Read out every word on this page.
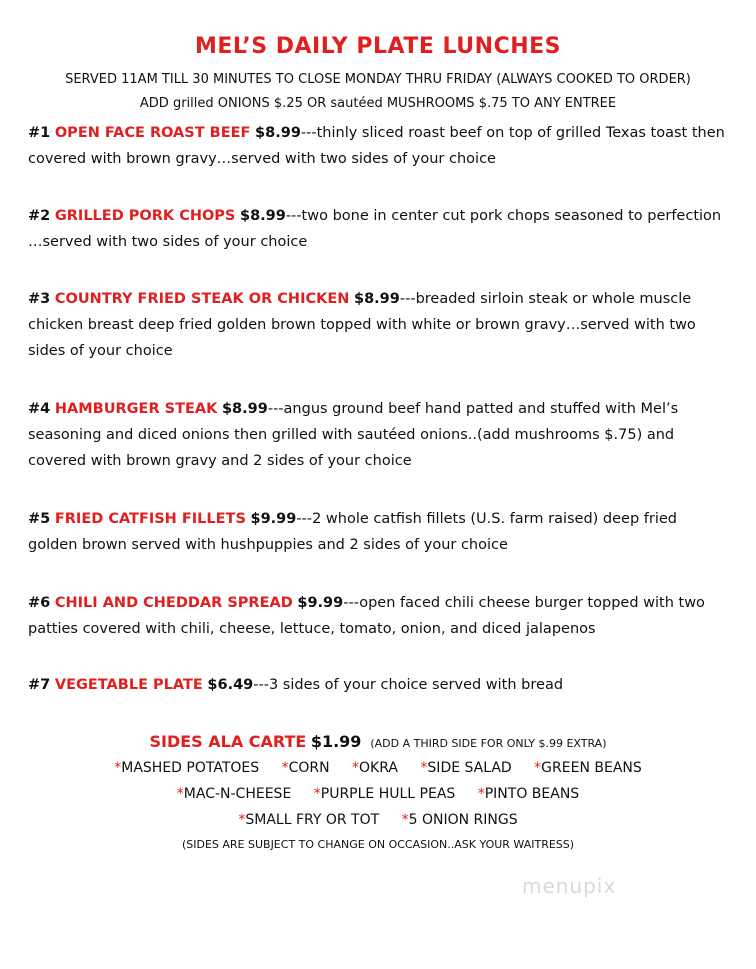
MEL’S DAILY PLATE LUNCHES
SERVED 11AM TILL 30 MINUTES TO CLOSE MONDAY THRU FRIDAY (ALWAYS COOKED TO ORDER)
ADD grilled ONIONS $.25 OR sautéed MUSHROOMS $.75 TO ANY ENTREE
#1 OPEN FACE ROAST BEEF $8.99---thinly sliced roast beef on top of grilled Texas toast then covered with brown gravy…served with two sides of your choice
#2 GRILLED PORK CHOPS $8.99---two bone in center cut pork chops seasoned to perfection …served with two sides of your choice
#3 COUNTRY FRIED STEAK OR CHICKEN $8.99---breaded sirloin steak or whole muscle chicken breast deep fried golden brown topped with white or brown gravy…served with two sides of your choice
#4 HAMBURGER STEAK $8.99---angus ground beef hand patted and stuffed with Mel’s seasoning and diced onions then grilled with sautéed onions..(add mushrooms $.75) and covered with brown gravy and 2 sides of your choice
#5 FRIED CATFISH FILLETS $9.99---2 whole catfish fillets (U.S. farm raised) deep fried golden brown served with hushpuppies and 2 sides of your choice
#6 CHILI AND CHEDDAR SPREAD $9.99---open faced chili cheese burger topped with two patties covered with chili, cheese, lettuce, tomato, onion, and diced jalapenos
#7 VEGETABLE PLATE $6.49---3 sides of your choice served with bread
SIDES ALA CARTE $1.99 (ADD A THIRD SIDE FOR ONLY $.99 EXTRA)
*MASHED POTATOES *CORN *OKRA *SIDE SALAD *GREEN BEANS
*MAC-N-CHEESE *PURPLE HULL PEAS *PINTO BEANS
*SMALL FRY OR TOT *5 ONION RINGS
(SIDES ARE SUBJECT TO CHANGE ON OCCASION..ASK YOUR WAITRESS)
menupix
